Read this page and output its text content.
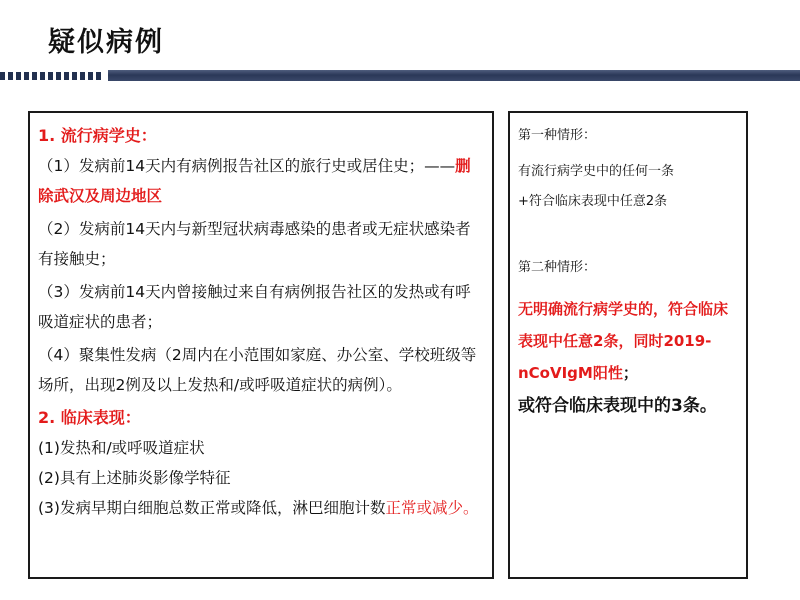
疑似病例

1. 流行病学史：

（1）发病前14天内有病例报告社区的旅行史或居住史；——删除武汉及周边地区

（2）发病前14天内与新型冠状病毒感染的患者或无症状感染者有接触史；

（3）发病前14天内曾接触过来自有病例报告社区的发热或有呼吸道症状的患者；

（4）聚集性发病（2周内在小范围如家庭、办公室、学校班级等场所，出现2例及以上发热和/或呼吸道症状的病例）。

2. 临床表现：

(1)发热和/或呼吸道症状

(2)具有上述肺炎影像学特征

(3)发病早期白细胞总数正常或降低，淋巴细胞计数正常或减少。

第一种情形：

有流行病学史中的任何一条

+符合临床表现中任意2条

第二种情形：

无明确流行病学史的，符合临床表现中任意2条，同时2019-nCoVIgM阳性；

或符合临床表现中的3条。
